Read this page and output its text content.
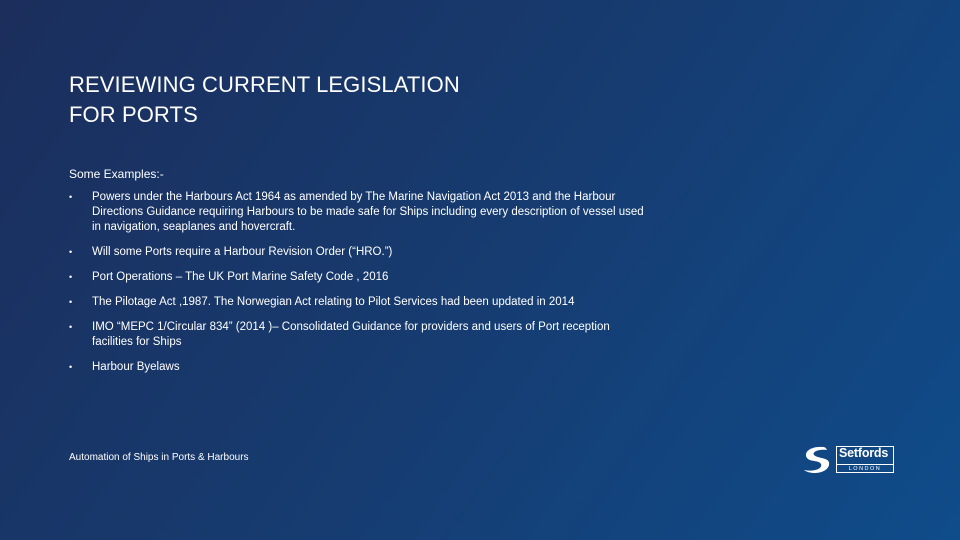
REVIEWING CURRENT LEGISLATION
FOR PORTS

Some Examples:-

• Powers under the Harbours Act 1964 as amended by The Marine Navigation Act 2013 and the Harbour Directions Guidance requiring Harbours to be made safe for Ships including every description of vessel used in navigation, seaplanes and hovercraft.
• Will some Ports require a Harbour Revision Order (“HRO.”)
• Port Operations – The UK Port Marine Safety Code , 2016
• The Pilotage Act ,1987. The Norwegian Act relating to Pilot Services had been updated in 2014
• IMO “MEPC 1/Circular 834” (2014 )– Consolidated Guidance for providers and users of Port reception facilities for Ships
• Harbour Byelaws

Automation of Ships in Ports & Harbours	Setfords
LONDON
